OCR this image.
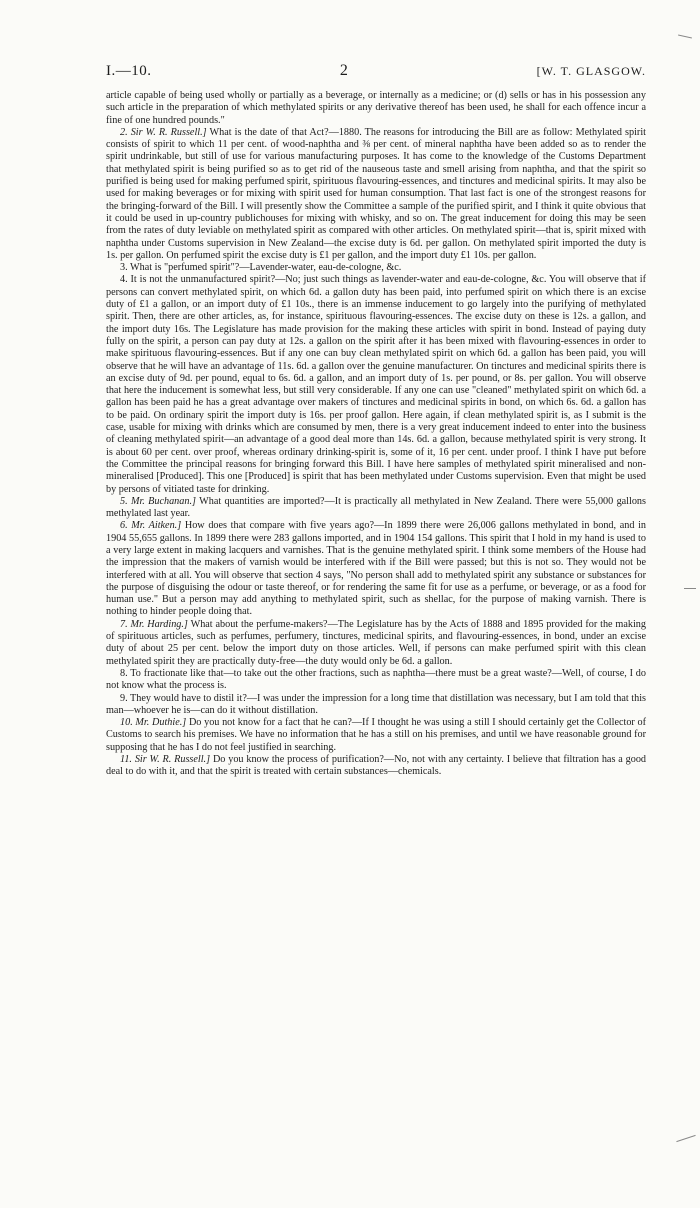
I.—10.	2	[W. T. GLASGOW.

article capable of being used wholly or partially as a beverage, or internally as a medicine; or (d) sells or has in his possession any such article in the preparation of which methylated spirits or any derivative thereof has been used, he shall for each offence incur a fine of one hundred pounds."

2. Sir W. R. Russell.] What is the date of that Act?—1880. The reasons for introducing the Bill are as follow: Methylated spirit consists of spirit to which 11 per cent. of wood-naphtha and ⅜ per cent. of mineral naphtha have been added so as to render the spirit undrinkable, but still of use for various manufacturing purposes. It has come to the knowledge of the Customs Department that methylated spirit is being purified so as to get rid of the nauseous taste and smell arising from naphtha, and that the spirit so purified is being used for making perfumed spirit, spirituous flavouring-essences, and tinctures and medicinal spirits. It may also be used for making beverages or for mixing with spirit used for human consumption. That last fact is one of the strongest reasons for the bringing-forward of the Bill. I will presently show the Committee a sample of the purified spirit, and I think it quite obvious that it could be used in up-country publichouses for mixing with whisky, and so on. The great inducement for doing this may be seen from the rates of duty leviable on methylated spirit as compared with other articles. On methylated spirit—that is, spirit mixed with naphtha under Customs supervision in New Zealand—the excise duty is 6d. per gallon. On methylated spirit imported the duty is 1s. per gallon. On perfumed spirit the excise duty is £1 per gallon, and the import duty £1 10s. per gallon.

3. What is "perfumed spirit"?—Lavender-water, eau-de-cologne, &c.

4. It is not the unmanufactured spirit?—No; just such things as lavender-water and eau-de-cologne, &c. You will observe that if persons can convert methylated spirit, on which 6d. a gallon duty has been paid, into perfumed spirit on which there is an excise duty of £1 a gallon, or an import duty of £1 10s., there is an immense inducement to go largely into the purifying of methylated spirit. Then, there are other articles, as, for instance, spirituous flavouring-essences. The excise duty on these is 12s. a gallon, and the import duty 16s. The Legislature has made provision for the making these articles with spirit in bond. Instead of paying duty fully on the spirit, a person can pay duty at 12s. a gallon on the spirit after it has been mixed with flavouring-essences in order to make spirituous flavouring-essences. But if any one can buy clean methylated spirit on which 6d. a gallon has been paid, you will observe that he will have an advantage of 11s. 6d. a gallon over the genuine manufacturer. On tinctures and medicinal spirits there is an excise duty of 9d. per pound, equal to 6s. 6d. a gallon, and an import duty of 1s. per pound, or 8s. per gallon. You will observe that here the inducement is somewhat less, but still very considerable. If any one can use "cleaned" methylated spirit on which 6d. a gallon has been paid he has a great advantage over makers of tinctures and medicinal spirits in bond, on which 6s. 6d. a gallon has to be paid. On ordinary spirit the import duty is 16s. per proof gallon. Here again, if clean methylated spirit is, as I submit is the case, usable for mixing with drinks which are consumed by men, there is a very great inducement indeed to enter into the business of cleaning methylated spirit—an advantage of a good deal more than 14s. 6d. a gallon, because methylated spirit is very strong. It is about 60 per cent. over proof, whereas ordinary drinking-spirit is, some of it, 16 per cent. under proof. I think I have put before the Committee the principal reasons for bringing forward this Bill. I have here samples of methylated spirit mineralised and non-mineralised [Produced]. This one [Produced] is spirit that has been methylated under Customs supervision. Even that might be used by persons of vitiated taste for drinking.

5. Mr. Buchanan.] What quantities are imported?—It is practically all methylated in New Zealand. There were 55,000 gallons methylated last year.

6. Mr. Aitken.] How does that compare with five years ago?—In 1899 there were 26,006 gallons methylated in bond, and in 1904 55,655 gallons. In 1899 there were 283 gallons imported, and in 1904 154 gallons. This spirit that I hold in my hand is used to a very large extent in making lacquers and varnishes. That is the genuine methylated spirit. I think some members of the House had the impression that the makers of varnish would be interfered with if the Bill were passed; but this is not so. They would not be interfered with at all. You will observe that section 4 says, "No person shall add to methylated spirit any substance or substances for the purpose of disguising the odour or taste thereof, or for rendering the same fit for use as a perfume, or beverage, or as a food for human use." But a person may add anything to methylated spirit, such as shellac, for the purpose of making varnish. There is nothing to hinder people doing that.

7. Mr. Harding.] What about the perfume-makers?—The Legislature has by the Acts of 1888 and 1895 provided for the making of spirituous articles, such as perfumes, perfumery, tinctures, medicinal spirits, and flavouring-essences, in bond, under an excise duty of about 25 per cent. below the import duty on those articles. Well, if persons can make perfumed spirit with this clean methylated spirit they are practically duty-free—the duty would only be 6d. a gallon.

8. To fractionate like that—to take out the other fractions, such as naphtha—there must be a great waste?—Well, of course, I do not know what the process is.

9. They would have to distil it?—I was under the impression for a long time that distillation was necessary, but I am told that this man—whoever he is—can do it without distillation.

10. Mr. Duthie.] Do you not know for a fact that he can?—If I thought he was using a still I should certainly get the Collector of Customs to search his premises. We have no information that he has a still on his premises, and until we have reasonable ground for supposing that he has I do not feel justified in searching.

11. Sir W. R. Russell.] Do you know the process of purification?—No, not with any certainty. I believe that filtration has a good deal to do with it, and that the spirit is treated with certain substances—chemicals.
